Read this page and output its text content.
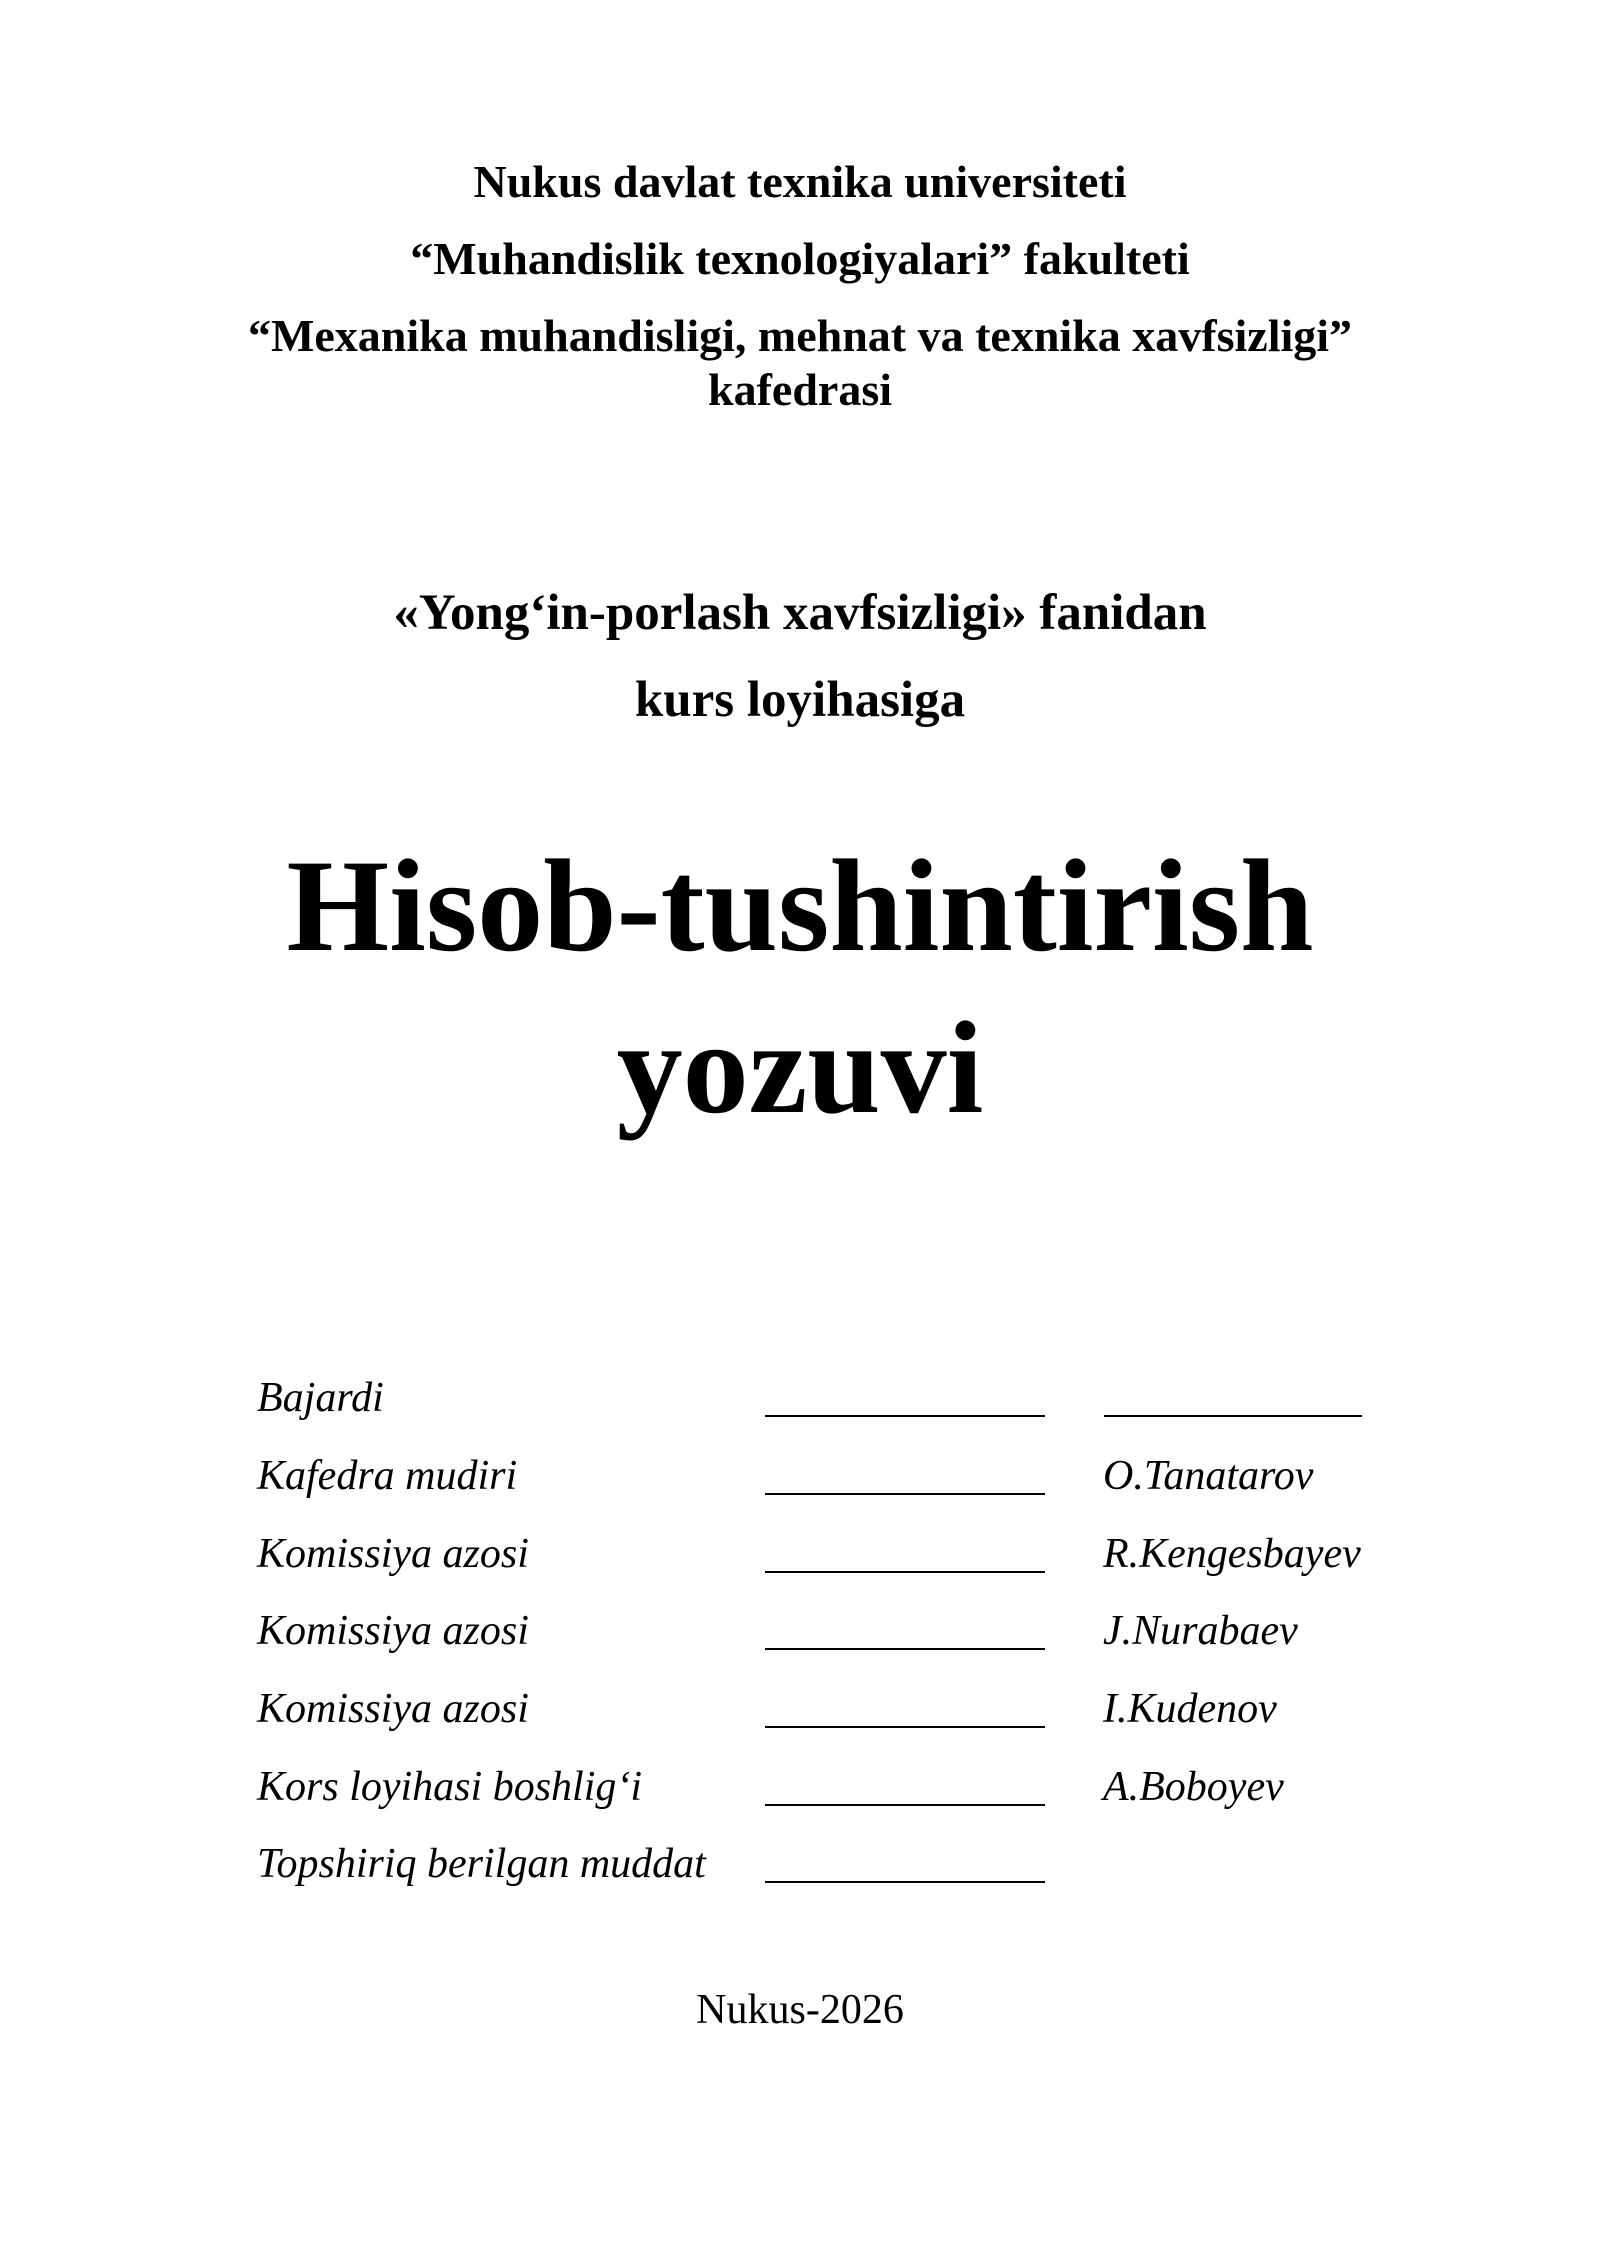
Nukus davlat texnika universiteti
“Muhandislik texnologiyalari” fakulteti
“Mexanika muhandisligi, mehnat va texnika xavfsizligi”
kafedrasi
«Yong‘in-porlash xavfsizligi» fanidan
kurs loyihasiga
Hisob-tushintirish
yozuvi
Bajardi
Kafedra mudiri	O.Tanatarov
Komissiya azosi	R.Kengesbayev
Komissiya azosi	J.Nurabaev
Komissiya azosi	I.Kudenov
Kors loyihasi boshlig‘i	A.Boboyev
Topshiriq berilgan muddat
Nukus-2026
